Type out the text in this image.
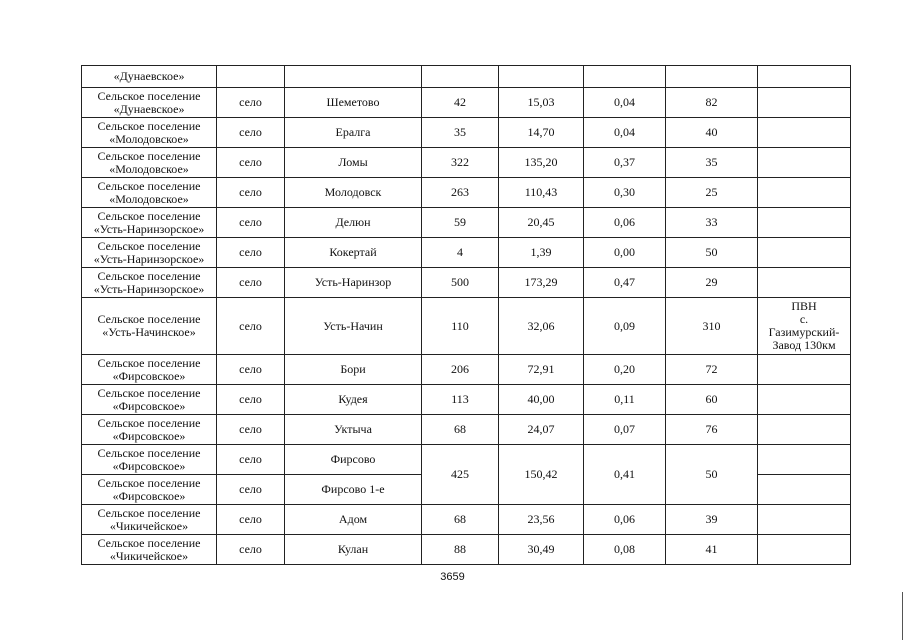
«Дунаевское»							
Сельское поселение
«Дунаевское»	село	Шеметово	42	15,03	0,04	82	
Сельское поселение
«Молодовское»	село	Ералга	35	14,70	0,04	40	
Сельское поселение
«Молодовское»	село	Ломы	322	135,20	0,37	35	
Сельское поселение
«Молодовское»	село	Молодовск	263	110,43	0,30	25	
Сельское поселение
«Усть-Наринзорское»	село	Делюн	59	20,45	0,06	33	
Сельское поселение
«Усть-Наринзорское»	село	Кокертай	4	1,39	0,00	50	
Сельское поселение
«Усть-Наринзорское»	село	Усть-Наринзор	500	173,29	0,47	29	
Сельское поселение
«Усть-Начинское»	село	Усть-Начин	110	32,06	0,09	310	ПВН
с.
Газимурский-
Завод 130км

Сельское поселение
«Фирсовское»	село	Бори	206	72,91	0,20	72	
Сельское поселение
«Фирсовское»	село	Кудея	113	40,00	0,11	60	
Сельское поселение
«Фирсовское»	село	Уктыча	68	24,07	0,07	76	
Сельское поселение
«Фирсовское»	село	Фирсово	425	150,42	0,41	50	
Сельское поселение
«Фирсовское»	село	Фирсово 1-е					
Сельское поселение
«Чикичейское»	село	Адом	68	23,56	0,06	39	
Сельское поселение
«Чикичейское»	село	Кулан	88	30,49	0,08	41	
3659
